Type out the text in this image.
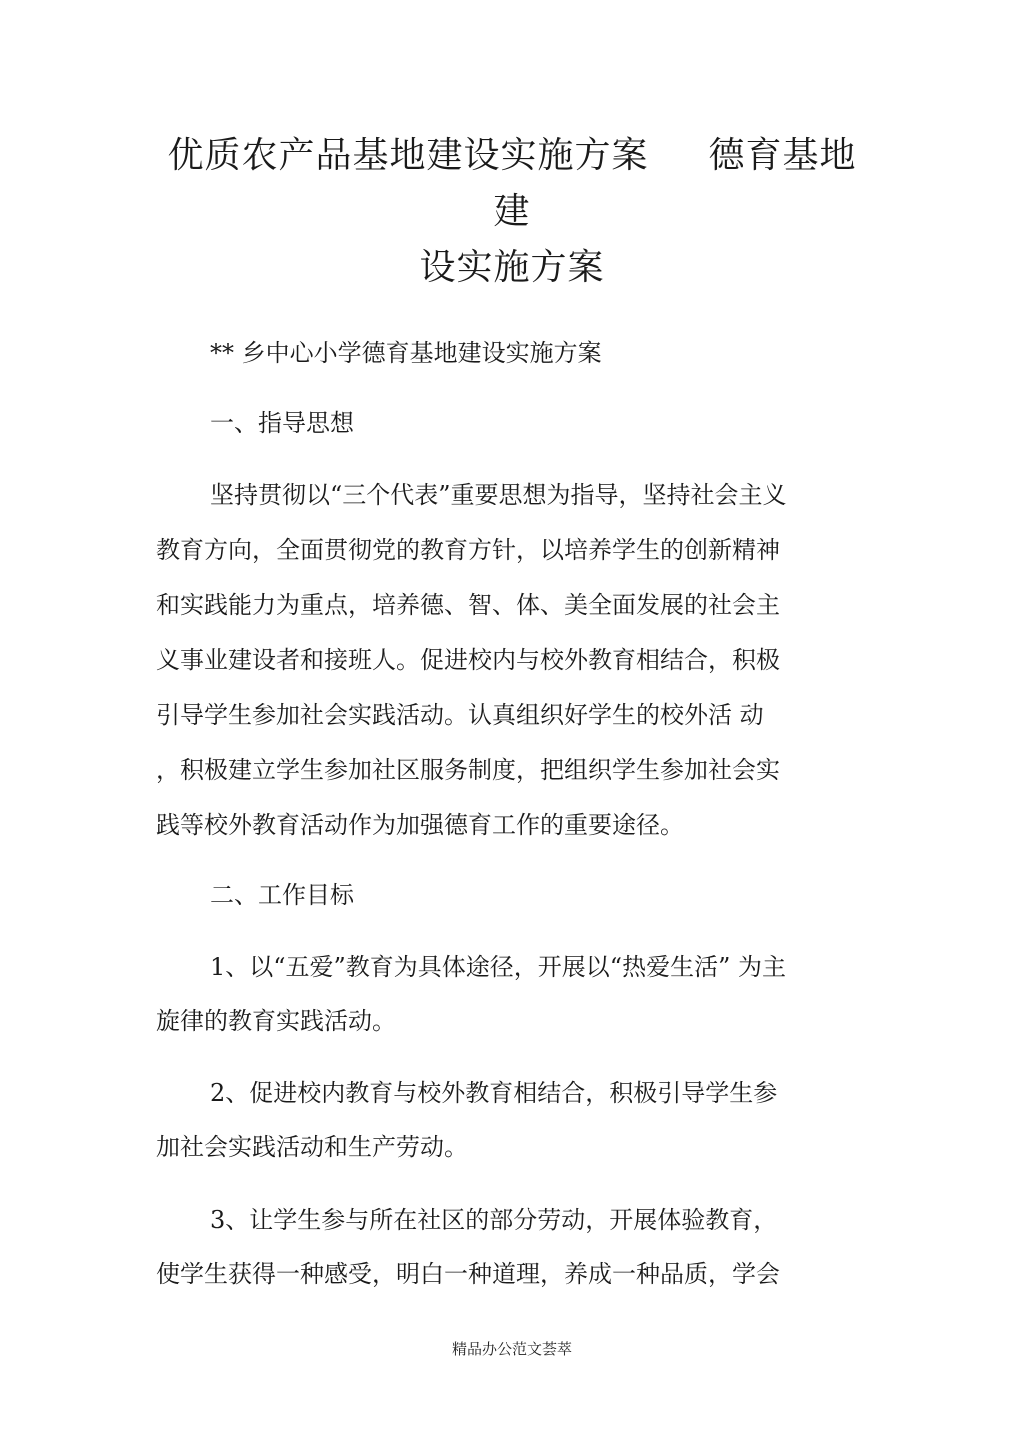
优质农产品基地建设实施方案 德育基地建
设实施方案

** 乡中心小学德育基地建设实施方案

一、指导思想

坚持贯彻以“三个代表”重要思想为指导，坚持社会主义

教育方向，全面贯彻党的教育方针，以培养学生的创新精神

和实践能力为重点，培养德、智、体、美全面发展的社会主

义事业建设者和接班人。促进校内与校外教育相结合，积极

引导学生参加社会实践活动。认真组织好学生的校外活 动

，积极建立学生参加社区服务制度，把组织学生参加社会实

践等校外教育活动作为加强德育工作的重要途径。

二、工作目标

1、以“五爱”教育为具体途径，开展以“热爱生活” 为主

旋律的教育实践活动。

2、促进校内教育与校外教育相结合，积极引导学生参

加社会实践活动和生产劳动。

3、让学生参与所在社区的部分劳动，开展体验教育，

使学生获得一种感受，明白一种道理，养成一种品质，学会

精品办公范文荟萃
